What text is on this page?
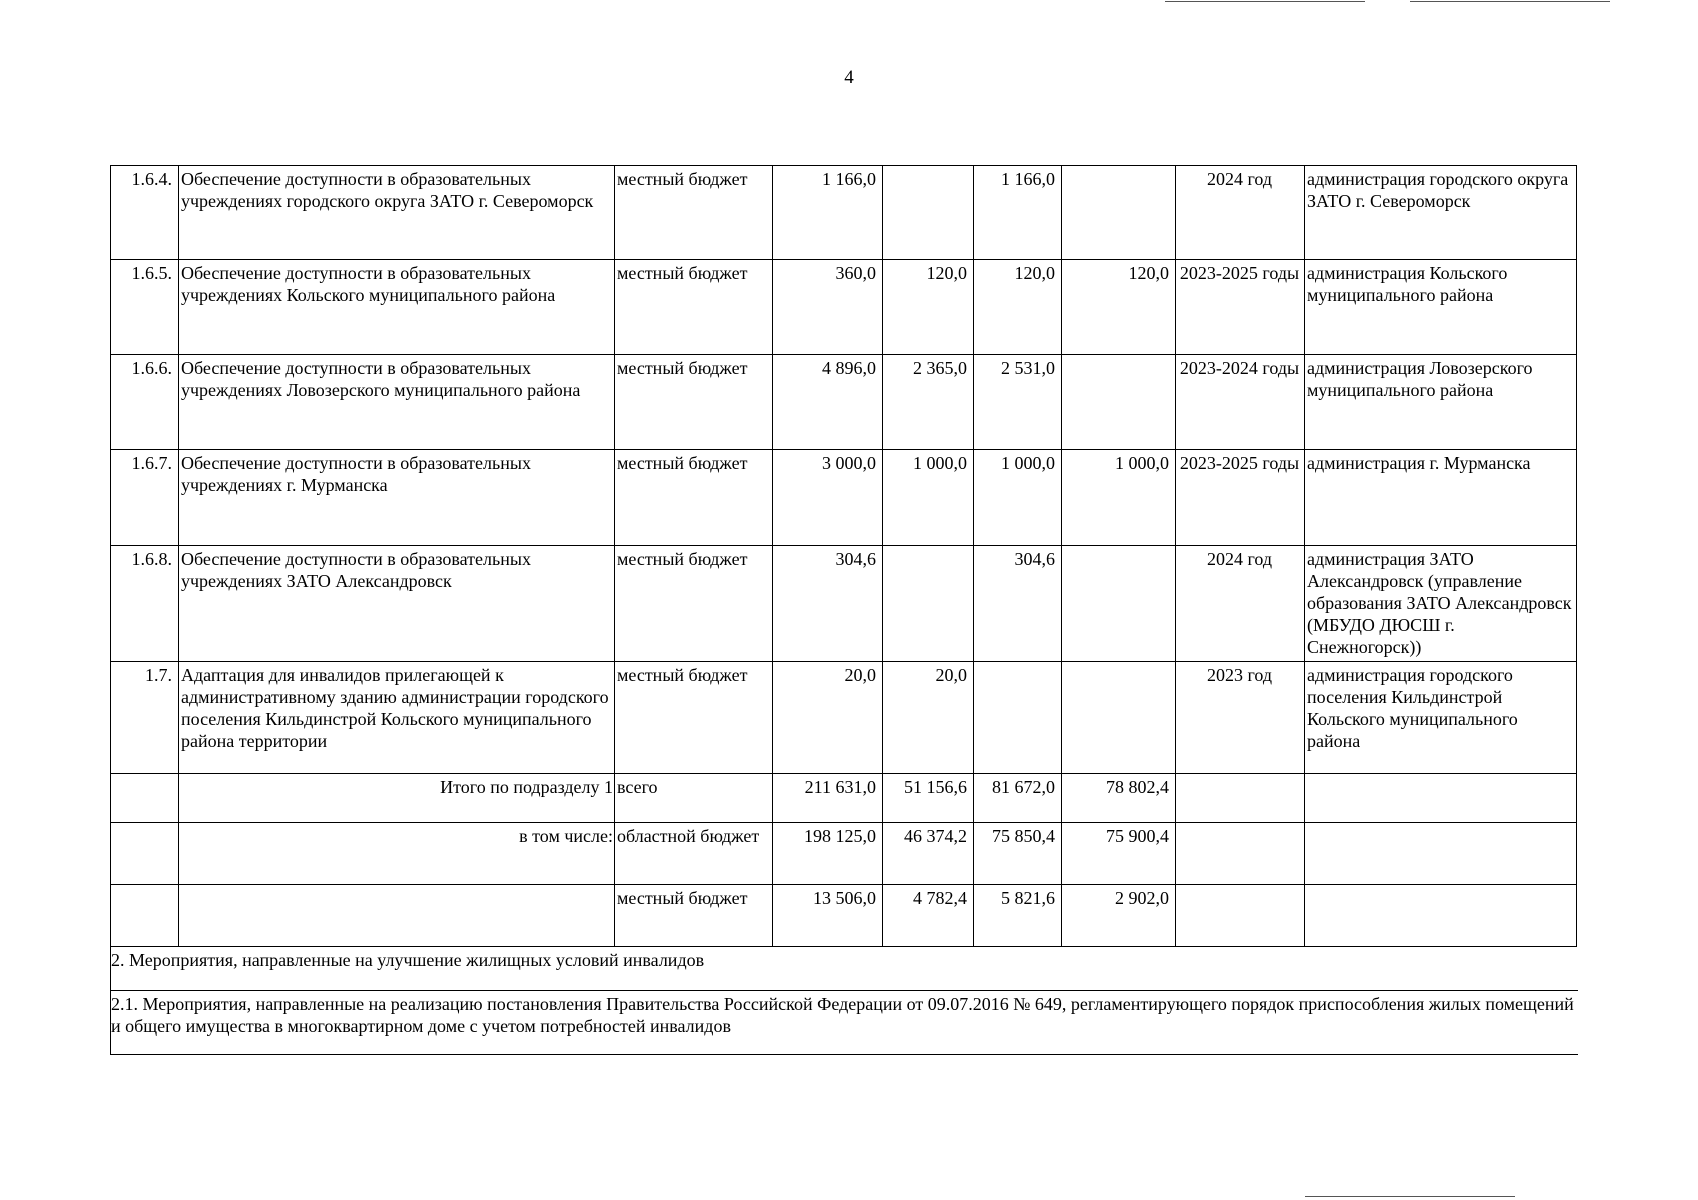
4
1.6.4.	Обеспечение доступности в образовательных учреждениях городского округа ЗАТО г. Североморск	местный бюджет	1 166,0		1 166,0		2024 год	администрация городского округа ЗАТО г. Североморск
1.6.5.	Обеспечение доступности в образовательных учреждениях Кольского муниципального района	местный бюджет	360,0	120,0	120,0	120,0	2023-2025 годы	администрация Кольского муниципального района
1.6.6.	Обеспечение доступности в образовательных учреждениях Ловозерского муниципального района	местный бюджет	4 896,0	2 365,0	2 531,0		2023-2024 годы	администрация Ловозерского муниципального района
1.6.7.	Обеспечение доступности в образовательных учреждениях г. Мурманска	местный бюджет	3 000,0	1 000,0	1 000,0	1 000,0	2023-2025 годы	администрация г. Мурманска
1.6.8.	Обеспечение доступности в образовательных учреждениях ЗАТО Александровск	местный бюджет	304,6		304,6		2024 год	администрация ЗАТО Александровск (управление образования ЗАТО Александровск (МБУДО ДЮСШ г. Снежногорск))
1.7.	Адаптация для инвалидов прилегающей к административному зданию администрации городского поселения Кильдинстрой Кольского муниципального района территории	местный бюджет	20,0	20,0			2023 год	администрация городского поселения Кильдинстрой Кольского муниципального района
	Итого по подразделу 1	всего	211 631,0	51 156,6	81 672,0	78 802,4		
	в том числе:	областной бюджет	198 125,0	46 374,2	75 850,4	75 900,4		
		местный бюджет	13 506,0	4 782,4	5 821,6	2 902,0		
2. Мероприятия, направленные на улучшение жилищных условий инвалидов
2.1. Мероприятия, направленные на реализацию постановления Правительства Российской Федерации от 09.07.2016 № 649, регламентирующего порядок приспособления жилых помещений и общего имущества в многоквартирном доме с учетом потребностей инвалидов
